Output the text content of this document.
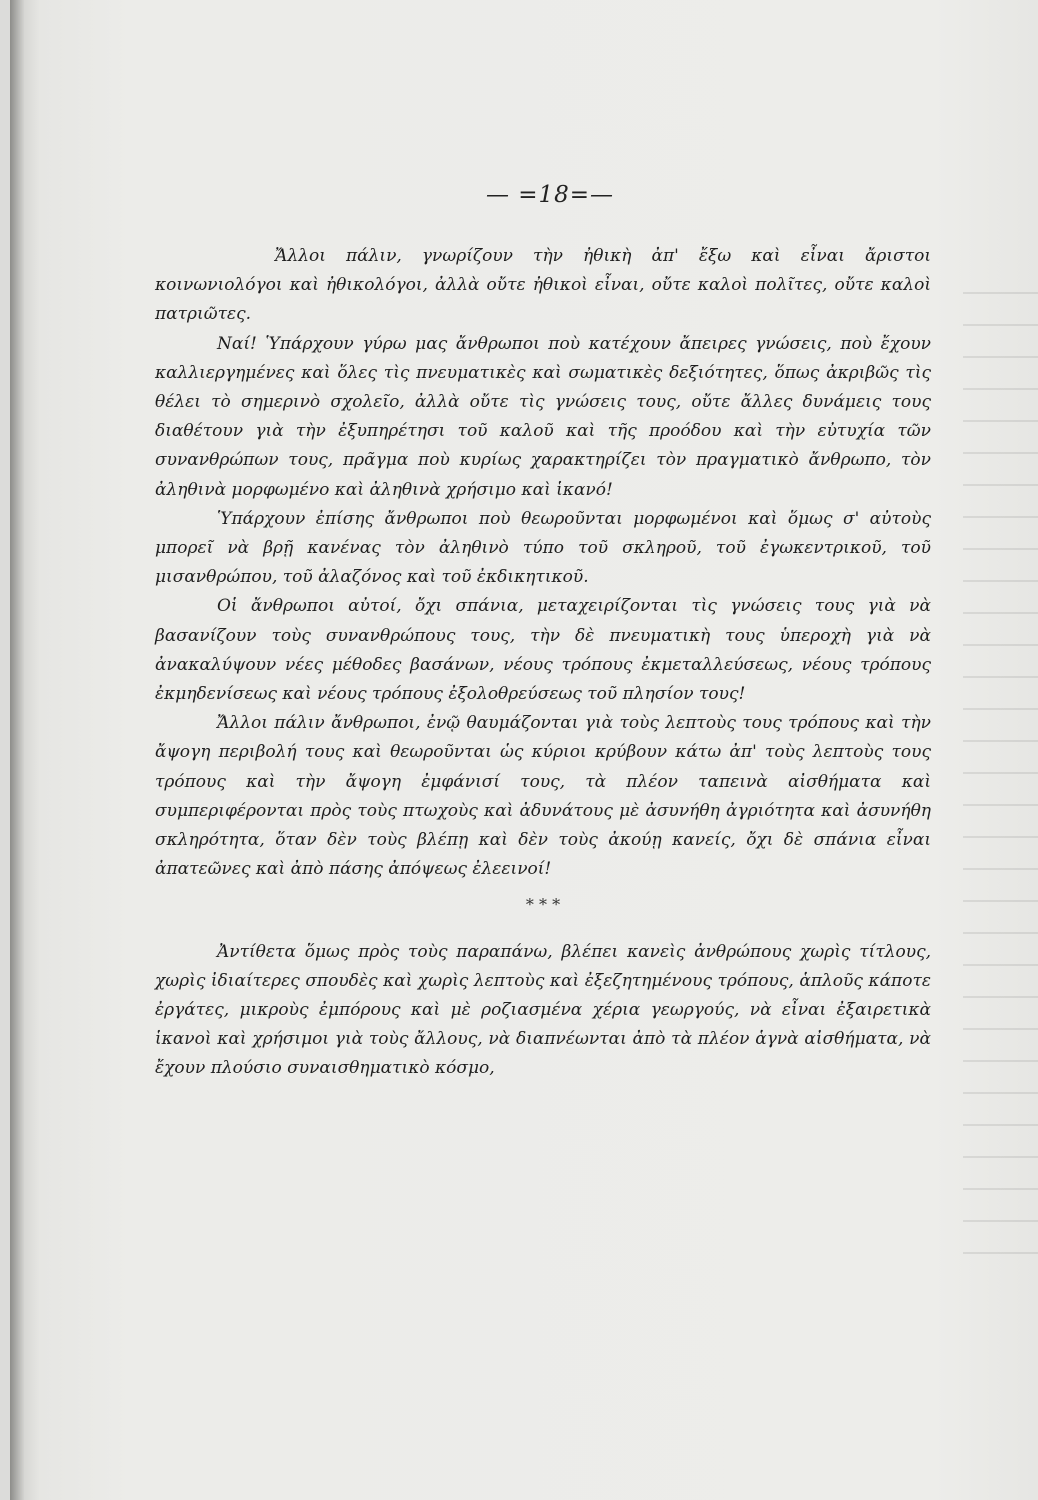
— =18=—

Ἄλλοι πάλιν, γνωρίζουν τὴν ἠθικὴ ἀπ' ἔξω καὶ εἶναι ἄριστοι κοινωνιολόγοι καὶ ἠθικολόγοι, ἀλλὰ οὔτε ἠθικοὶ εἶναι, οὔτε καλοὶ πολῖτες, οὔτε καλοὶ πατριῶτες.

Ναί! Ὑπάρχουν γύρω μας ἄνθρωποι ποὺ κατέχουν ἄπειρες γνώσεις, ποὺ ἔχουν καλλιεργημένες καὶ ὅλες τὶς πνευματικὲς καὶ σωματικὲς δεξιότητες, ὅπως ἀκριβῶς τὶς θέλει τὸ σημερινὸ σχολεῖο, ἀλλὰ οὔτε τὶς γνώσεις τους, οὔτε ἄλλες δυνάμεις τους διαθέτουν γιὰ τὴν ἐξυπηρέτησι τοῦ καλοῦ καὶ τῆς προόδου καὶ τὴν εὐτυχία τῶν συνανθρώπων τους, πρᾶγμα ποὺ κυρίως χαρακτηρίζει τὸν πραγματικὸ ἄνθρωπο, τὸν ἀληθινὰ μορφωμένο καὶ ἀληθινὰ χρήσιμο καὶ ἱκανό!

Ὑπάρχουν ἐπίσης ἄνθρωποι ποὺ θεωροῦνται μορφωμένοι καὶ ὅμως σ' αὐτοὺς μπορεῖ νὰ βρῇ κανένας τὸν ἀληθινὸ τύπο τοῦ σκληροῦ, τοῦ ἐγωκεντρικοῦ, τοῦ μισανθρώπου, τοῦ ἀλαζόνος καὶ τοῦ ἐκδικητικοῦ.

Οἱ ἄνθρωποι αὐτοί, ὄχι σπάνια, μεταχειρίζονται τὶς γνώσεις τους γιὰ νὰ βασανίζουν τοὺς συνανθρώπους τους, τὴν δὲ πνευματικὴ τους ὑπεροχὴ γιὰ νὰ ἀνακαλύψουν νέες μέθοδες βασάνων, νέους τρόπους ἐκμεταλλεύσεως, νέους τρόπους ἐκμηδενίσεως καὶ νέους τρόπους ἐξολοθρεύσεως τοῦ πλησίον τους!

Ἄλλοι πάλιν ἄνθρωποι, ἐνῷ θαυμάζονται γιὰ τοὺς λεπτοὺς τους τρόπους καὶ τὴν ἄψογη περιβολή τους καὶ θεωροῦνται ὡς κύριοι κρύβουν κάτω ἀπ' τοὺς λεπτοὺς τους τρόπους καὶ τὴν ἄψογη ἐμφάνισί τους, τὰ πλέον ταπεινὰ αἰσθήματα καὶ συμπεριφέρονται πρὸς τοὺς πτωχοὺς καὶ ἀδυνάτους μὲ ἀσυνήθη ἀγριότητα καὶ ἀσυνήθη σκληρότητα, ὅταν δὲν τοὺς βλέπῃ καὶ δὲν τοὺς ἀκούῃ κανείς, ὄχι δὲ σπάνια εἶναι ἀπατεῶνες καὶ ἀπὸ πάσης ἀπόψεως ἐλεεινοί!

* * *

Ἀντίθετα ὅμως πρὸς τοὺς παραπάνω, βλέπει κανεὶς ἀνθρώπους χωρὶς τίτλους, χωρὶς ἰδιαίτερες σπουδὲς καὶ χωρὶς λεπτοὺς καὶ ἐξεζητημένους τρόπους, ἁπλοῦς κάποτε ἐργάτες, μικροὺς ἐμπόρους καὶ μὲ ροζιασμένα χέρια γεωργούς, νὰ εἶναι ἐξαιρετικὰ ἱκανοὶ καὶ χρήσιμοι γιὰ τοὺς ἄλλους, νὰ διαπνέωνται ἀπὸ τὰ πλέον ἁγνὰ αἰσθήματα, νὰ ἔχουν πλούσιο συναισθηματικὸ κόσμο,
